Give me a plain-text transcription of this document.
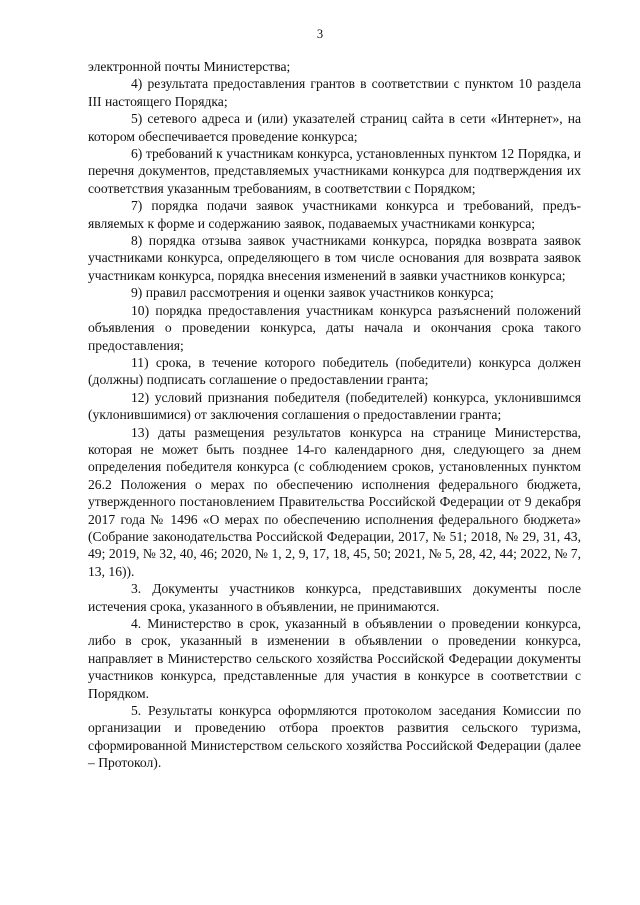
3

электронной почты Министерства;

4) результата предоставления грантов в соответствии с пунктом 10 раздела III настоящего Порядка;

5) сетевого адреса и (или) указателей страниц сайта в сети «Интернет», на котором обеспечивается проведение конкурса;

6) требований к участникам конкурса, установленных пунктом 12 Порядка, и перечня документов, представляемых участниками конкурса для подтверждения их соответствия указанным требованиям, в соответствии с Порядком;

7) порядка подачи заявок участниками конкурса и требований, предъявляемых к форме и содержанию заявок, подаваемых участниками конкурса;

8) порядка отзыва заявок участниками конкурса, порядка возврата заявок участниками конкурса, определяющего в том числе основания для возврата заявок участникам конкурса, порядка внесения изменений в заявки участников конкурса;

9) правил рассмотрения и оценки заявок участников конкурса;

10) порядка предоставления участникам конкурса разъяснений положений объявления о проведении конкурса, даты начала и окончания срока такого предоставления;

11) срока, в течение которого победитель (победители) конкурса должен (должны) подписать соглашение о предоставлении гранта;

12) условий признания победителя (победителей) конкурса, уклонившимся (уклонившимися) от заключения соглашения о предоставлении гранта;

13) даты размещения результатов конкурса на странице Министерства, которая не может быть позднее 14-го календарного дня, следующего за днем определения победителя конкурса (с соблюдением сроков, установленных пунктом 26.2 Положения о мерах по обеспечению исполнения федерального бюджета, утвержденного постановлением Правительства Российской Федерации от 9 декабря 2017 года № 1496 «О мерах по обеспечению исполнения федерального бюджета» (Собрание законодательства Российской Федерации, 2017, № 51; 2018, № 29, 31, 43, 49; 2019, № 32, 40, 46; 2020, № 1, 2, 9, 17, 18, 45, 50; 2021, № 5, 28, 42, 44; 2022, № 7, 13, 16)).

3. Документы участников конкурса, представивших документы после истечения срока, указанного в объявлении, не принимаются.

4. Министерство в срок, указанный в объявлении о проведении конкурса, либо в срок, указанный в изменении в объявлении о проведении конкурса, направляет в Министерство сельского хозяйства Российской Федерации документы участников конкурса, представленные для участия в конкурсе в соответствии с Порядком.

5. Результаты конкурса оформляются протоколом заседания Комиссии по организации и проведению отбора проектов развития сельского туризма, сформированной Министерством сельского хозяйства Российской Федерации (далее – Протокол).
